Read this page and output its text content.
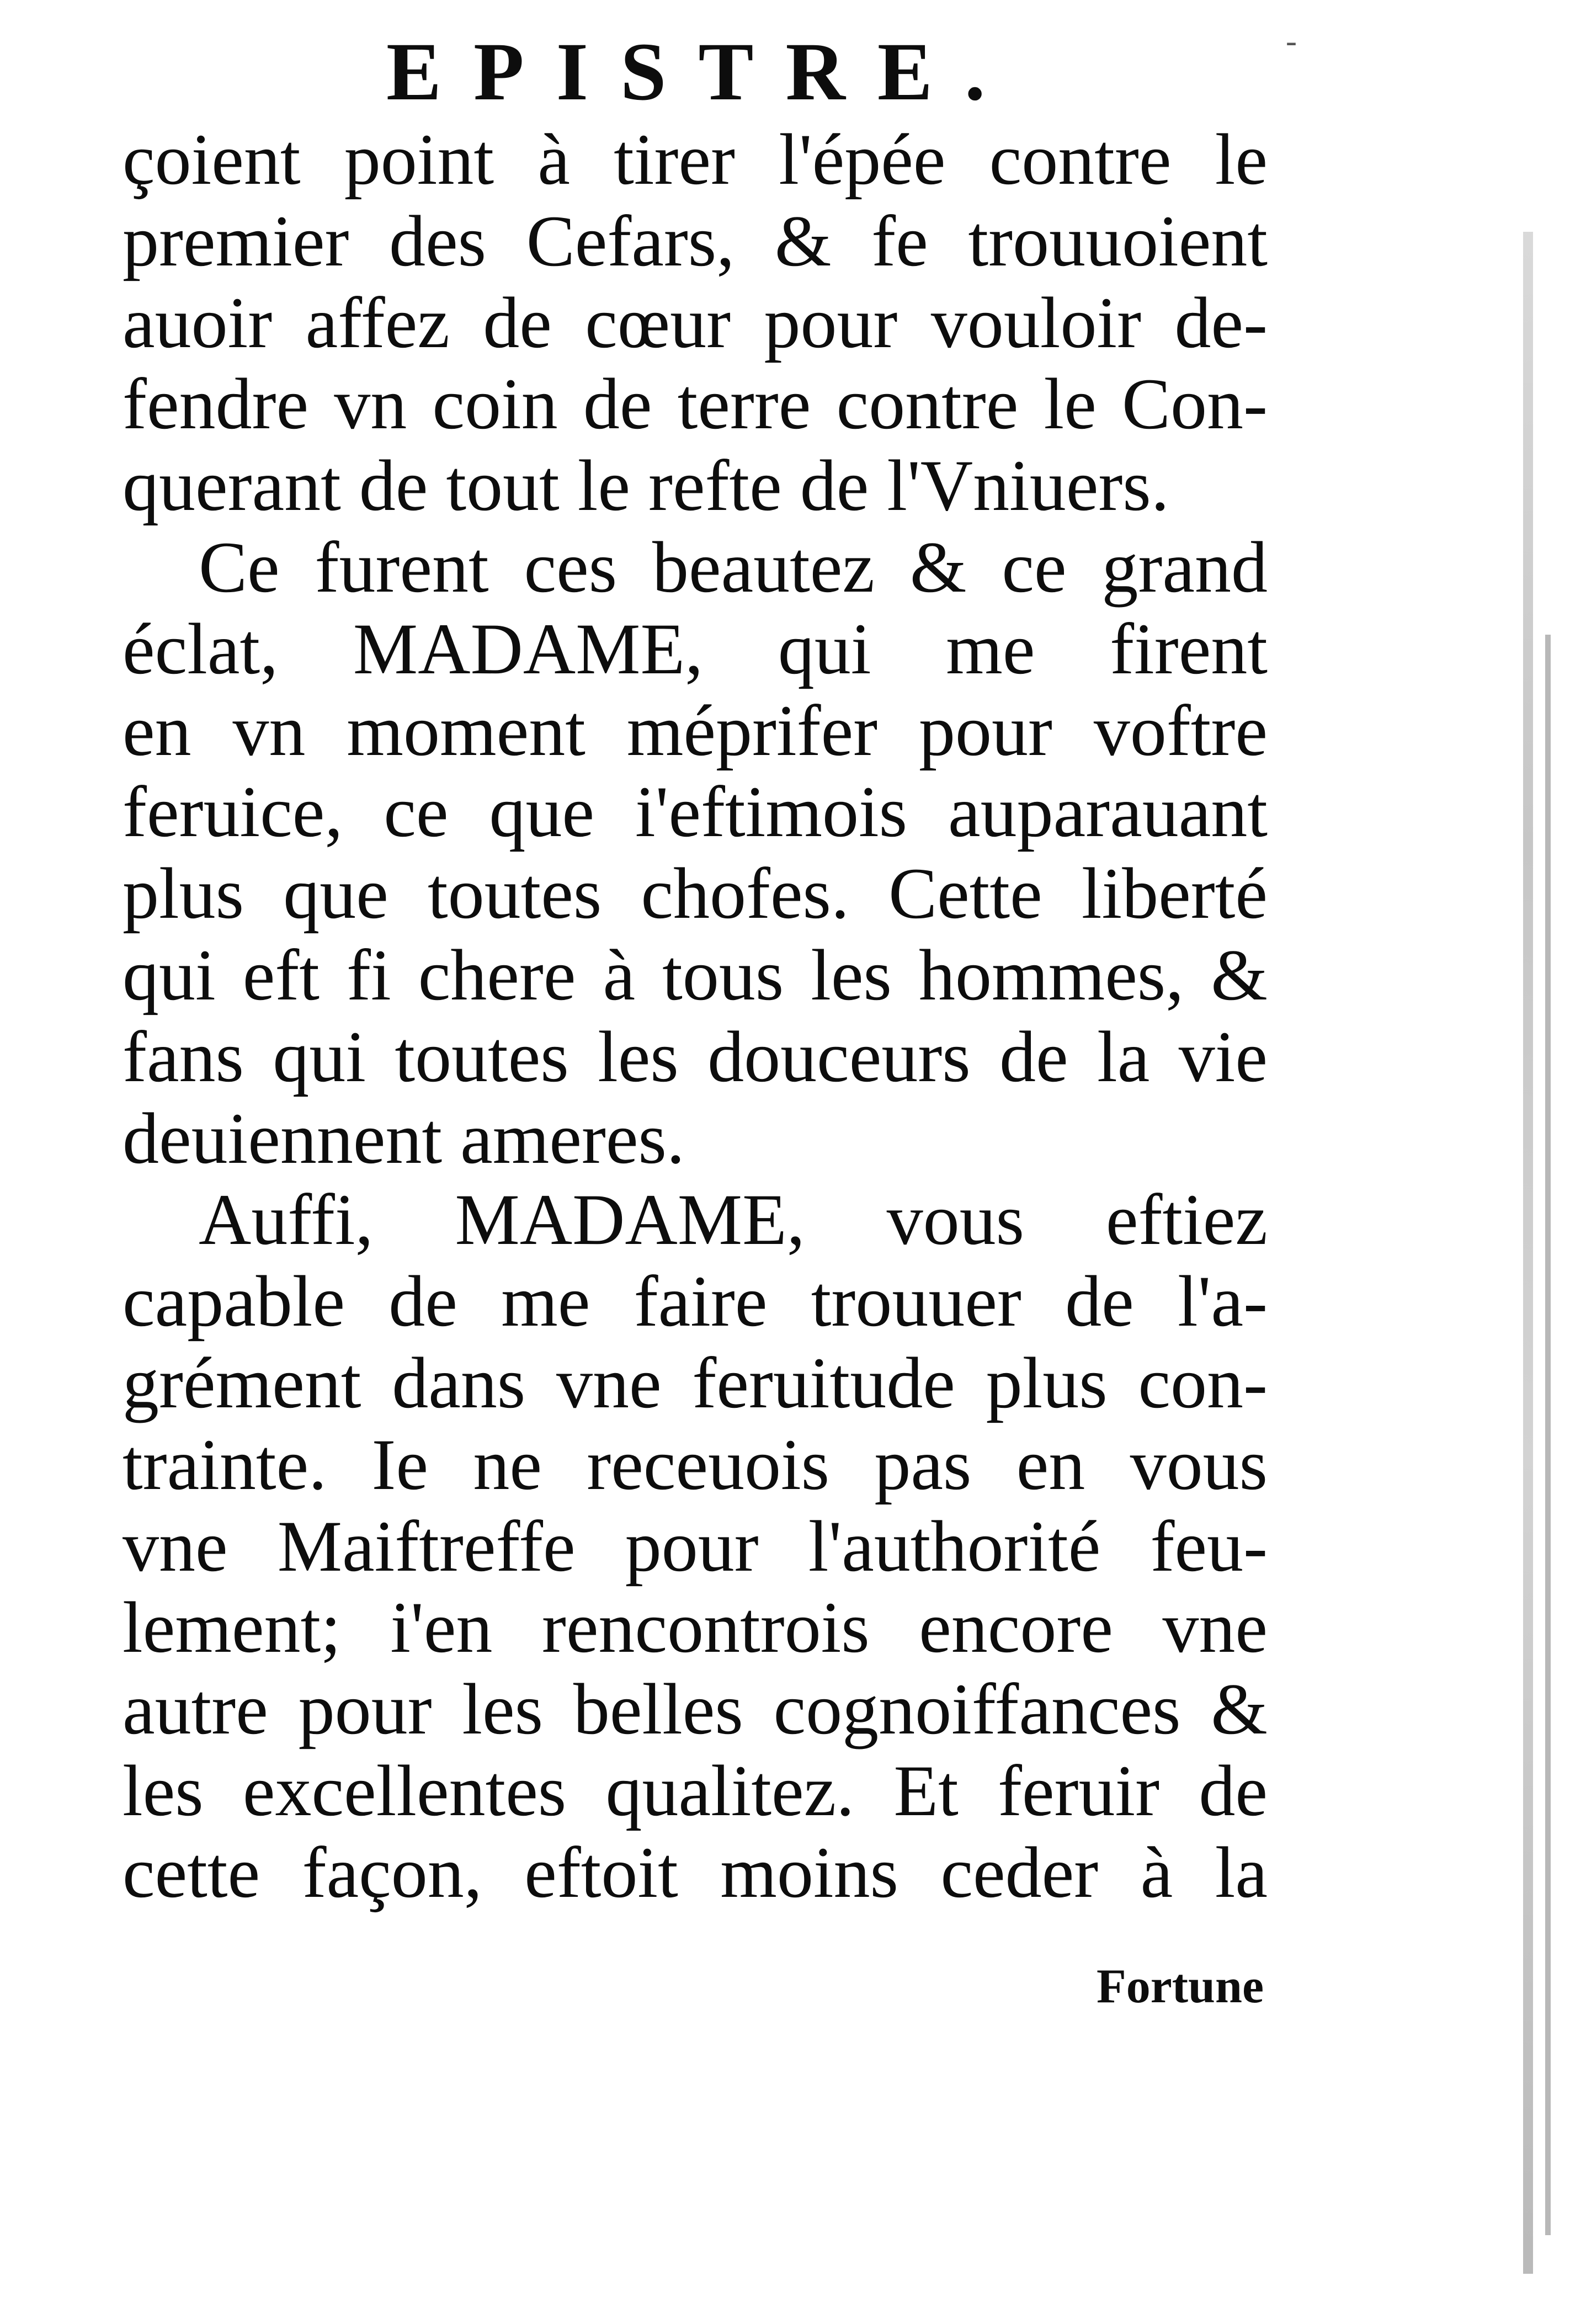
EPISTRE.	-
çoient point à tirer l'épée contre le
premier des Cefars, & fe trouuoient
auoir affez de cœur pour vouloir de-
fendre vn coin de terre contre le Con-
querant de tout le refte de l'Vniuers.
Ce furent ces beautez & ce grand
éclat, MADAME, qui me firent
en vn moment méprifer pour voftre
feruice, ce que i'eftimois auparauant
plus que toutes chofes. Cette liberté
qui eft fi chere à tous les hommes, &
fans qui toutes les douceurs de la vie
deuiennent ameres.
Auffi, MADAME, vous eftiez
capable de me faire trouuer de l'a-
grément dans vne feruitude plus con-
trainte. Ie ne receuois pas en vous
vne Maiftreffe pour l'authorité feu-
lement; i'en rencontrois encore vne
autre pour les belles cognoiffances &
les excellentes qualitez. Et feruir de
cette façon, eftoit moins ceder à la
Fortune
